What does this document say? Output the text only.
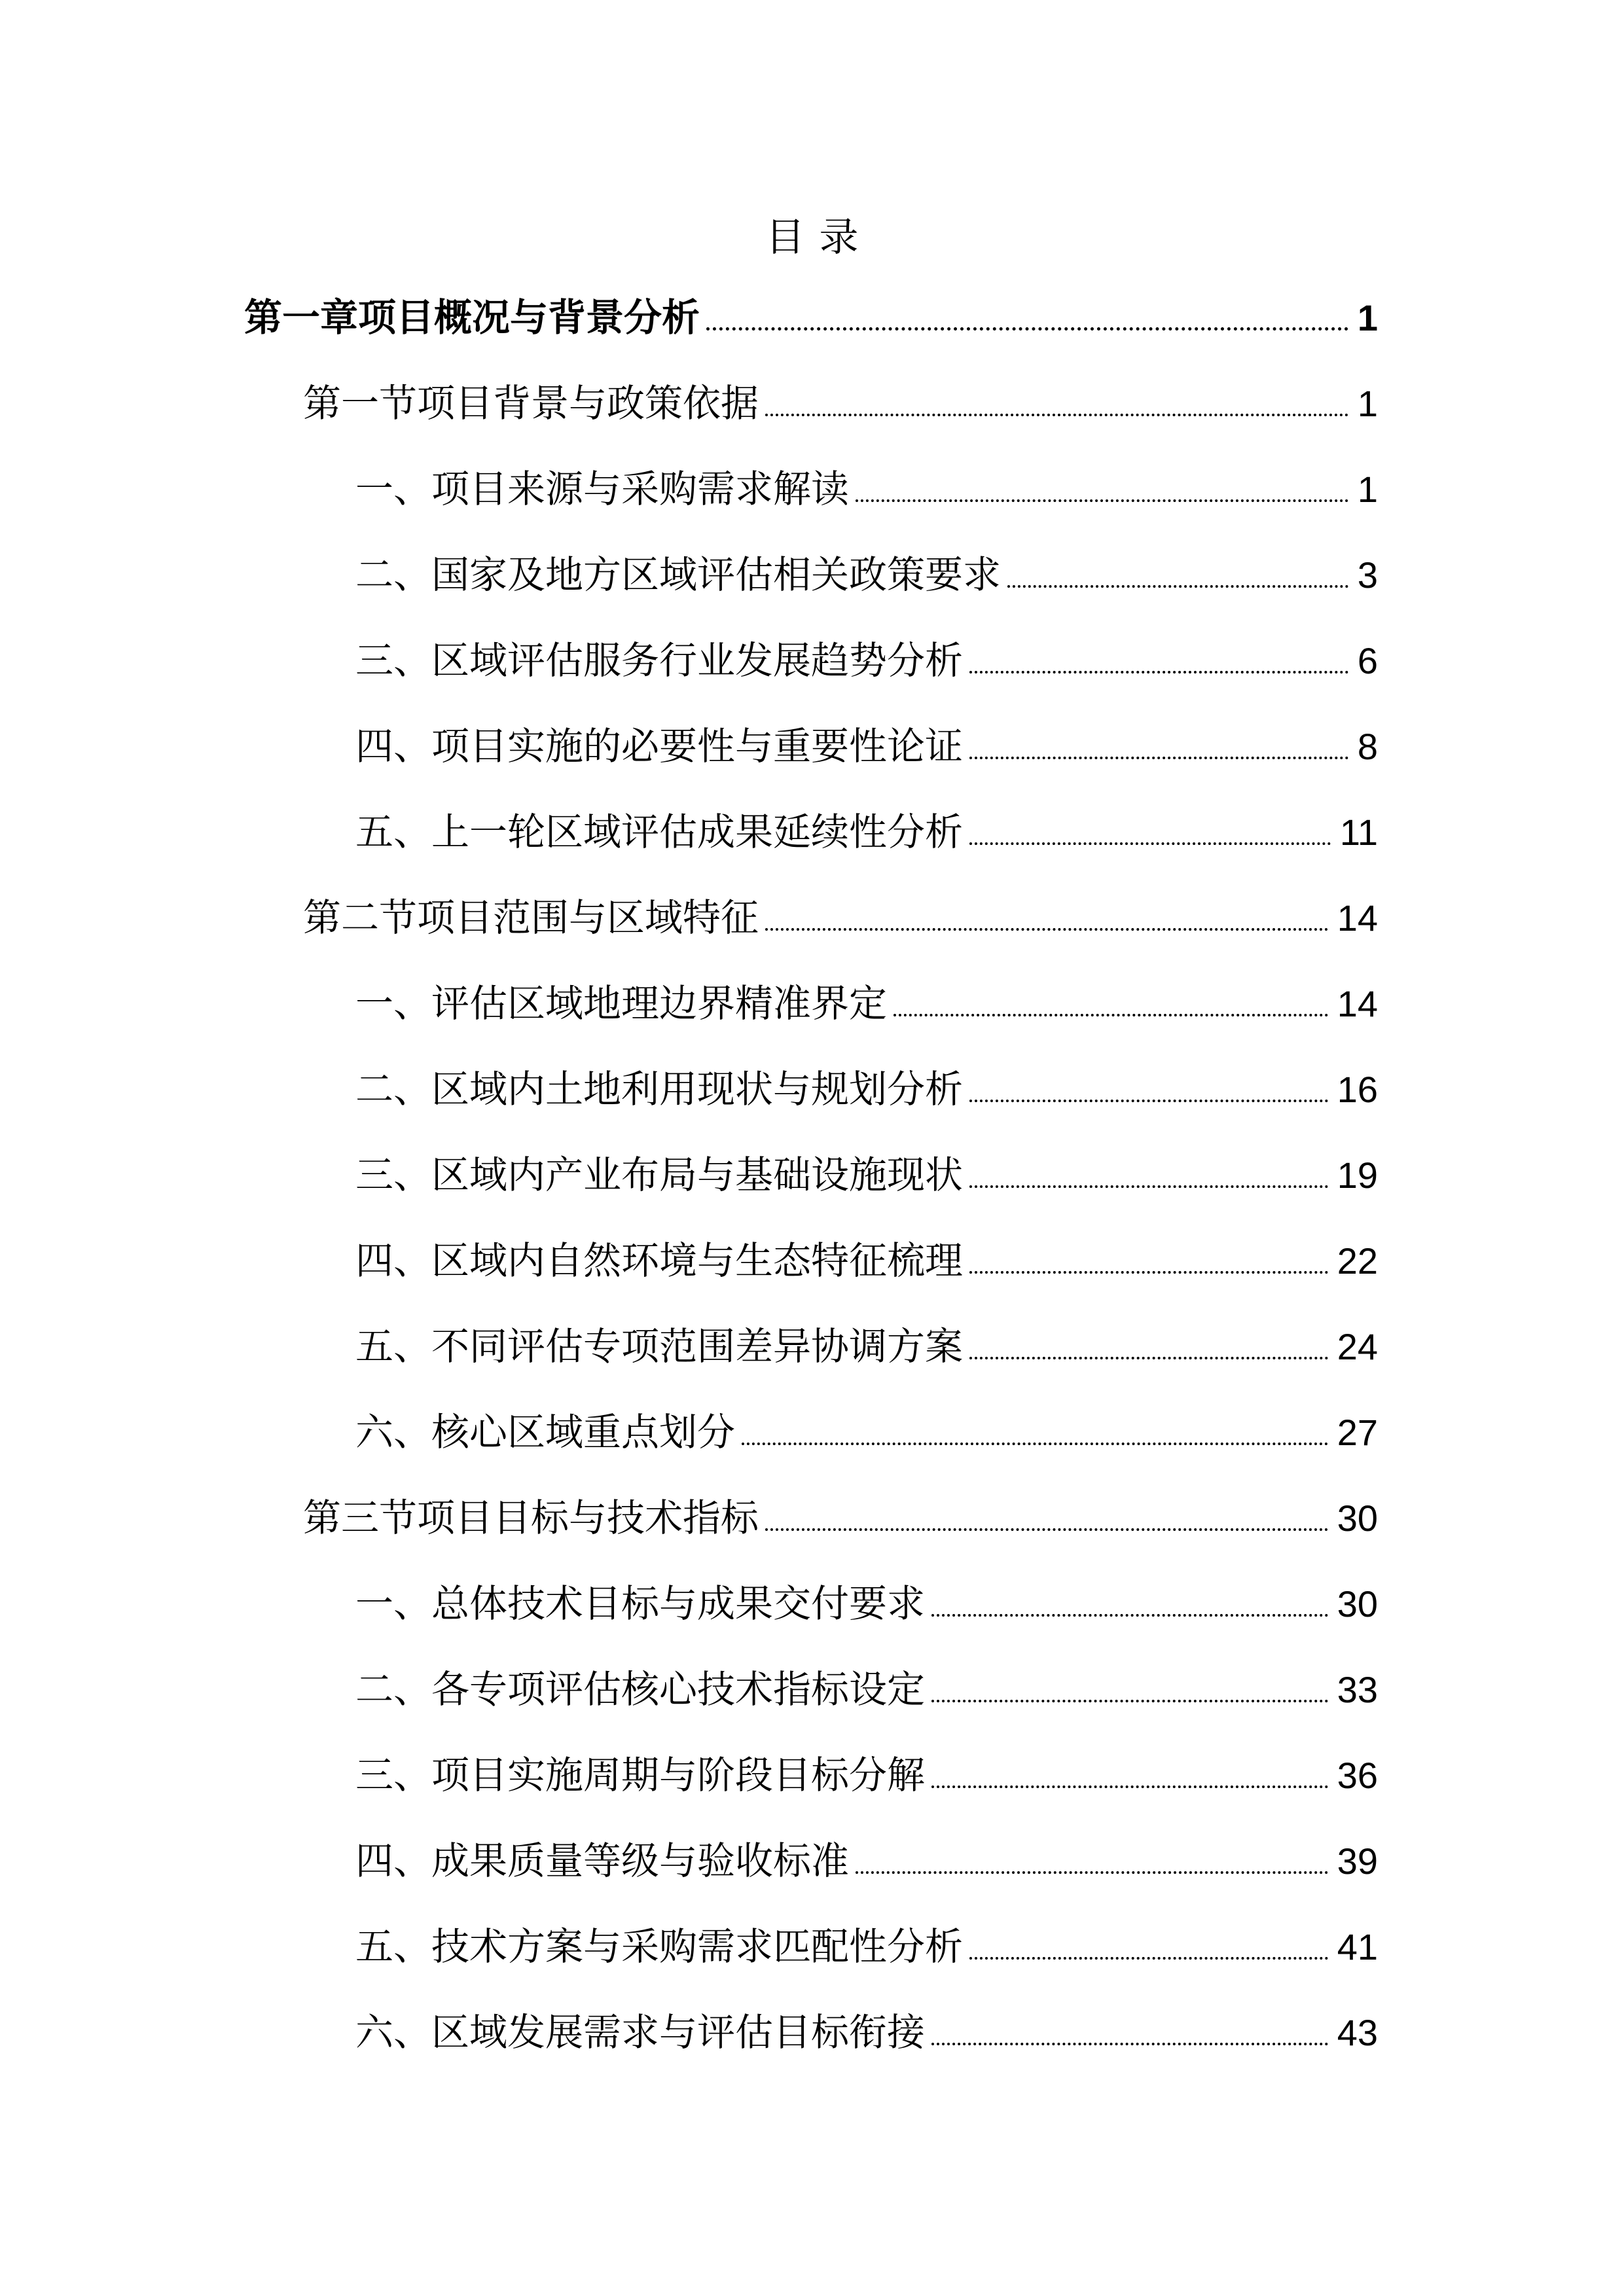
目录
第一章项目概况与背景分析	1
第一节项目背景与政策依据	1
一、项目来源与采购需求解读	1
二、国家及地方区域评估相关政策要求	3
三、区域评估服务行业发展趋势分析	6
四、项目实施的必要性与重要性论证	8
五、上一轮区域评估成果延续性分析	11
第二节项目范围与区域特征	14
一、评估区域地理边界精准界定	14
二、区域内土地利用现状与规划分析	16
三、区域内产业布局与基础设施现状	19
四、区域内自然环境与生态特征梳理	22
五、不同评估专项范围差异协调方案	24
六、核心区域重点划分	27
第三节项目目标与技术指标	30
一、总体技术目标与成果交付要求	30
二、各专项评估核心技术指标设定	33
三、项目实施周期与阶段目标分解	36
四、成果质量等级与验收标准	39
五、技术方案与采购需求匹配性分析	41
六、区域发展需求与评估目标衔接	43
